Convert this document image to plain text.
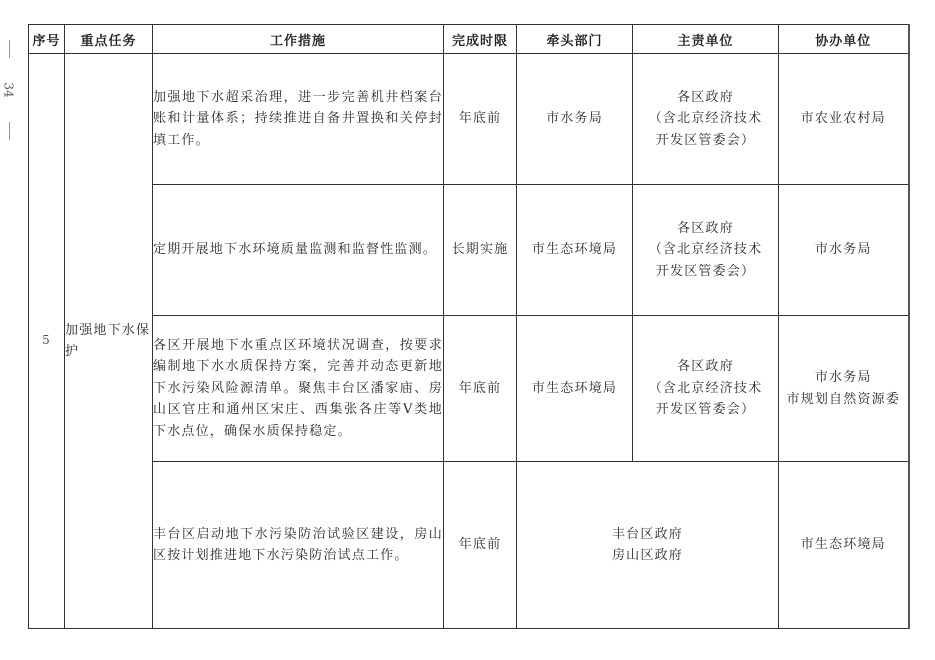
34
序号	重点任务	工作措施	完成时限	牵头部门	主责单位	协办单位
5	加强地下水保护	加强地下水超采治理，进一步完善机井档案台账和计量体系；持续推进自备井置换和关停封填工作。	年底前	市水务局	各区政府
（含北京经济技术
开发区管委会）	市农业农村局

		定期开展地下水环境质量监测和监督性监测。	长期实施	市生态环境局	各区政府
（含北京经济技术
开发区管委会）	市水务局

		各区开展地下水重点区环境状况调查，按要求编制地下水水质保持方案，完善并动态更新地下水污染风险源清单。聚焦丰台区潘家庙、房山区官庄和通州区宋庄、西集张各庄等Ⅴ类地下水点位，确保水质保持稳定。	年底前	市生态环境局	各区政府
（含北京经济技术
开发区管委会）	市水务局
市规划自然资源委

		丰台区启动地下水污染防治试验区建设，房山区按计划推进地下水污染防治试点工作。	年底前	丰台区政府
房山区政府		市生态环境局
